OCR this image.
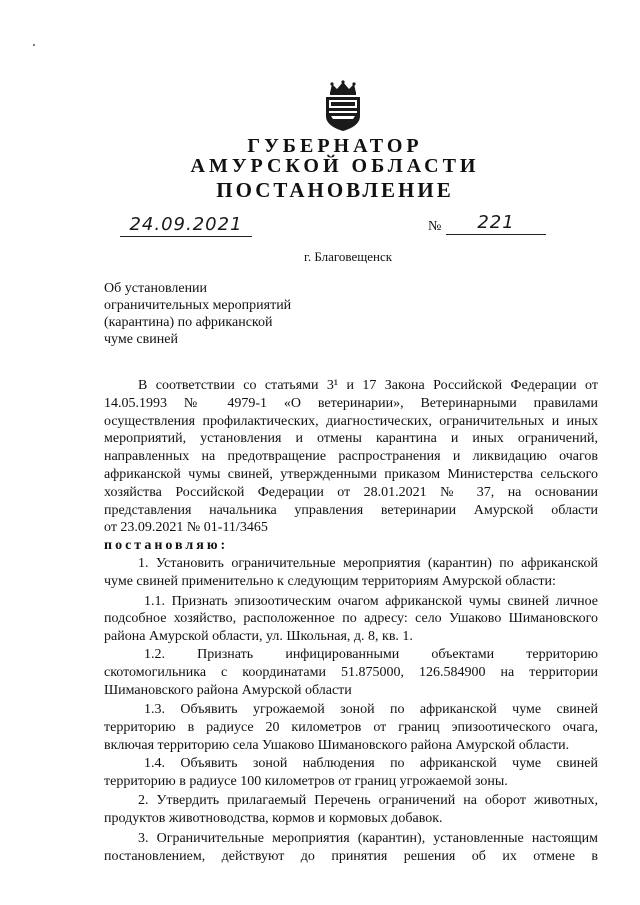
ГУБЕРНАТОР
АМУРСКОЙ ОБЛАСТИ
ПОСТАНОВЛЕНИЕ
24.09.2021	№	221
г. Благовещенск
Об установлении
ограничительных мероприятий
(карантина) по африканской
чуме свиней
В соответствии со статьями 3¹ и 17 Закона Российской Федерации от
14.05.1993 № 4979-1 «О ветеринарии», Ветеринарными правилами
осуществления профилактических, диагностических, ограничительных и иных
мероприятий, установления и отмены карантина и иных ограничений,
направленных на предотвращение распространения и ликвидацию очагов
африканской чумы свиней, утвержденными приказом Министерства сельского
хозяйства Российской Федерации от 28.01.2021 № 37, на основании
представления начальника управления ветеринарии Амурской области
от 23.09.2021 № 01-11/3465
постановляю:
1. Установить ограничительные мероприятия (карантин) по африканской
чуме свиней применительно к следующим территориям Амурской области:
1.1. Признать эпизоотическим очагом африканской чумы свиней личное
подсобное хозяйство, расположенное по адресу: село Ушаково Шимановского
района Амурской области, ул. Школьная, д. 8, кв. 1.
1.2. Признать инфицированными объектами территорию
скотомогильника с координатами 51.875000, 126.584900 на территории
Шимановского района Амурской области
1.3. Объявить угрожаемой зоной по африканской чуме свиней
территорию в радиусе 20 километров от границ эпизоотического очага,
включая территорию села Ушаково Шимановского района Амурской области.
1.4. Объявить зоной наблюдения по африканской чуме свиней
территорию в радиусе 100 километров от границ угрожаемой зоны.
2. Утвердить прилагаемый Перечень ограничений на оборот животных,
продуктов животноводства, кормов и кормовых добавок.
3. Ограничительные мероприятия (карантин), установленные настоящим
постановлением, действуют до принятия решения об их отмене в
